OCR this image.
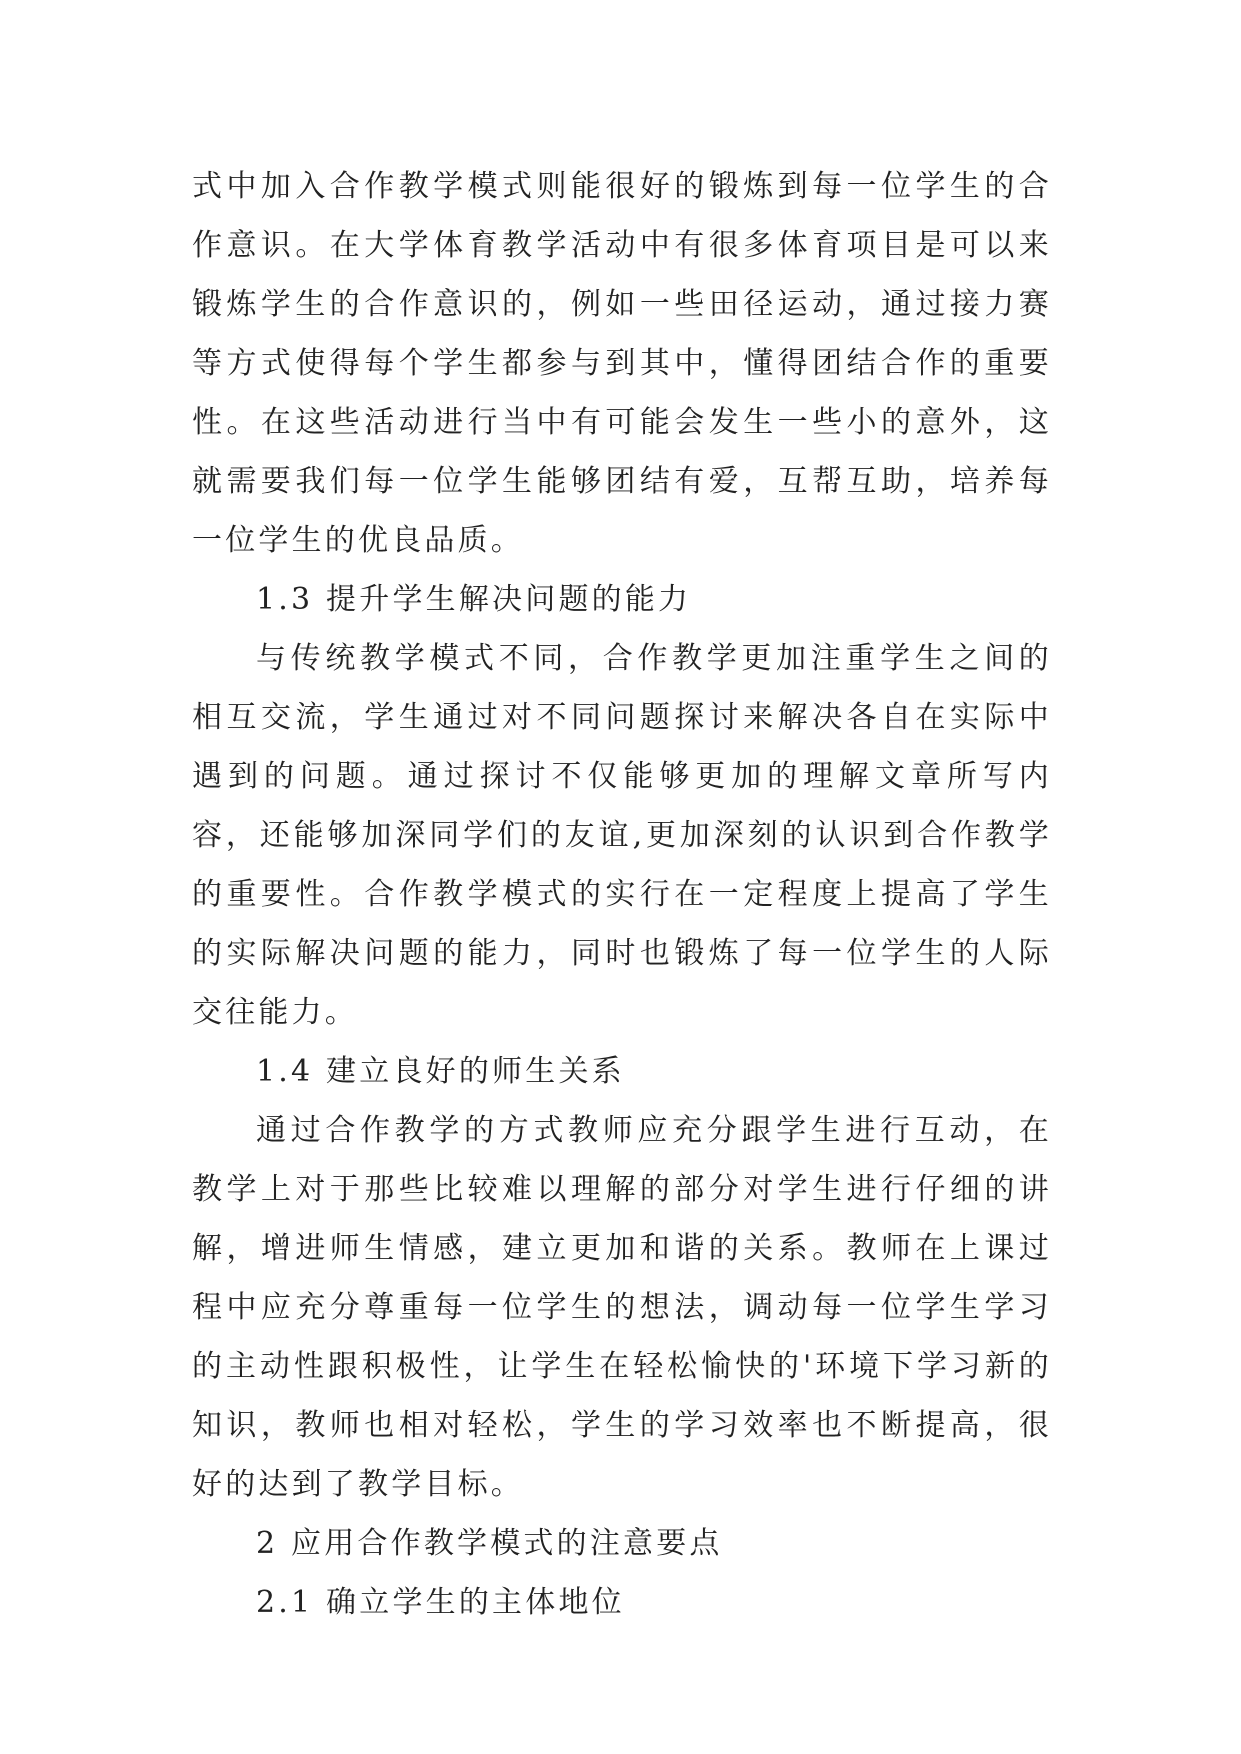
式中加入合作教学模式则能很好的锻炼到每一位学生的合作意识。在大学体育教学活动中有很多体育项目是可以来锻炼学生的合作意识的，例如一些田径运动，通过接力赛等方式使得每个学生都参与到其中，懂得团结合作的重要性。在这些活动进行当中有可能会发生一些小的意外，这就需要我们每一位学生能够团结有爱，互帮互助，培养每一位学生的优良品质。

1.3 提升学生解决问题的能力

与传统教学模式不同，合作教学更加注重学生之间的相互交流，学生通过对不同问题探讨来解决各自在实际中遇到的问题。通过探讨不仅能够更加的理解文章所写内容，还能够加深同学们的友谊,更加深刻的认识到合作教学的重要性。合作教学模式的实行在一定程度上提高了学生的实际解决问题的能力，同时也锻炼了每一位学生的人际交往能力。

1.4 建立良好的师生关系

通过合作教学的方式教师应充分跟学生进行互动，在教学上对于那些比较难以理解的部分对学生进行仔细的讲解，增进师生情感，建立更加和谐的关系。教师在上课过程中应充分尊重每一位学生的想法，调动每一位学生学习的主动性跟积极性，让学生在轻松愉快的'环境下学习新的知识，教师也相对轻松，学生的学习效率也不断提高，很好的达到了教学目标。

2 应用合作教学模式的注意要点

2.1 确立学生的主体地位
